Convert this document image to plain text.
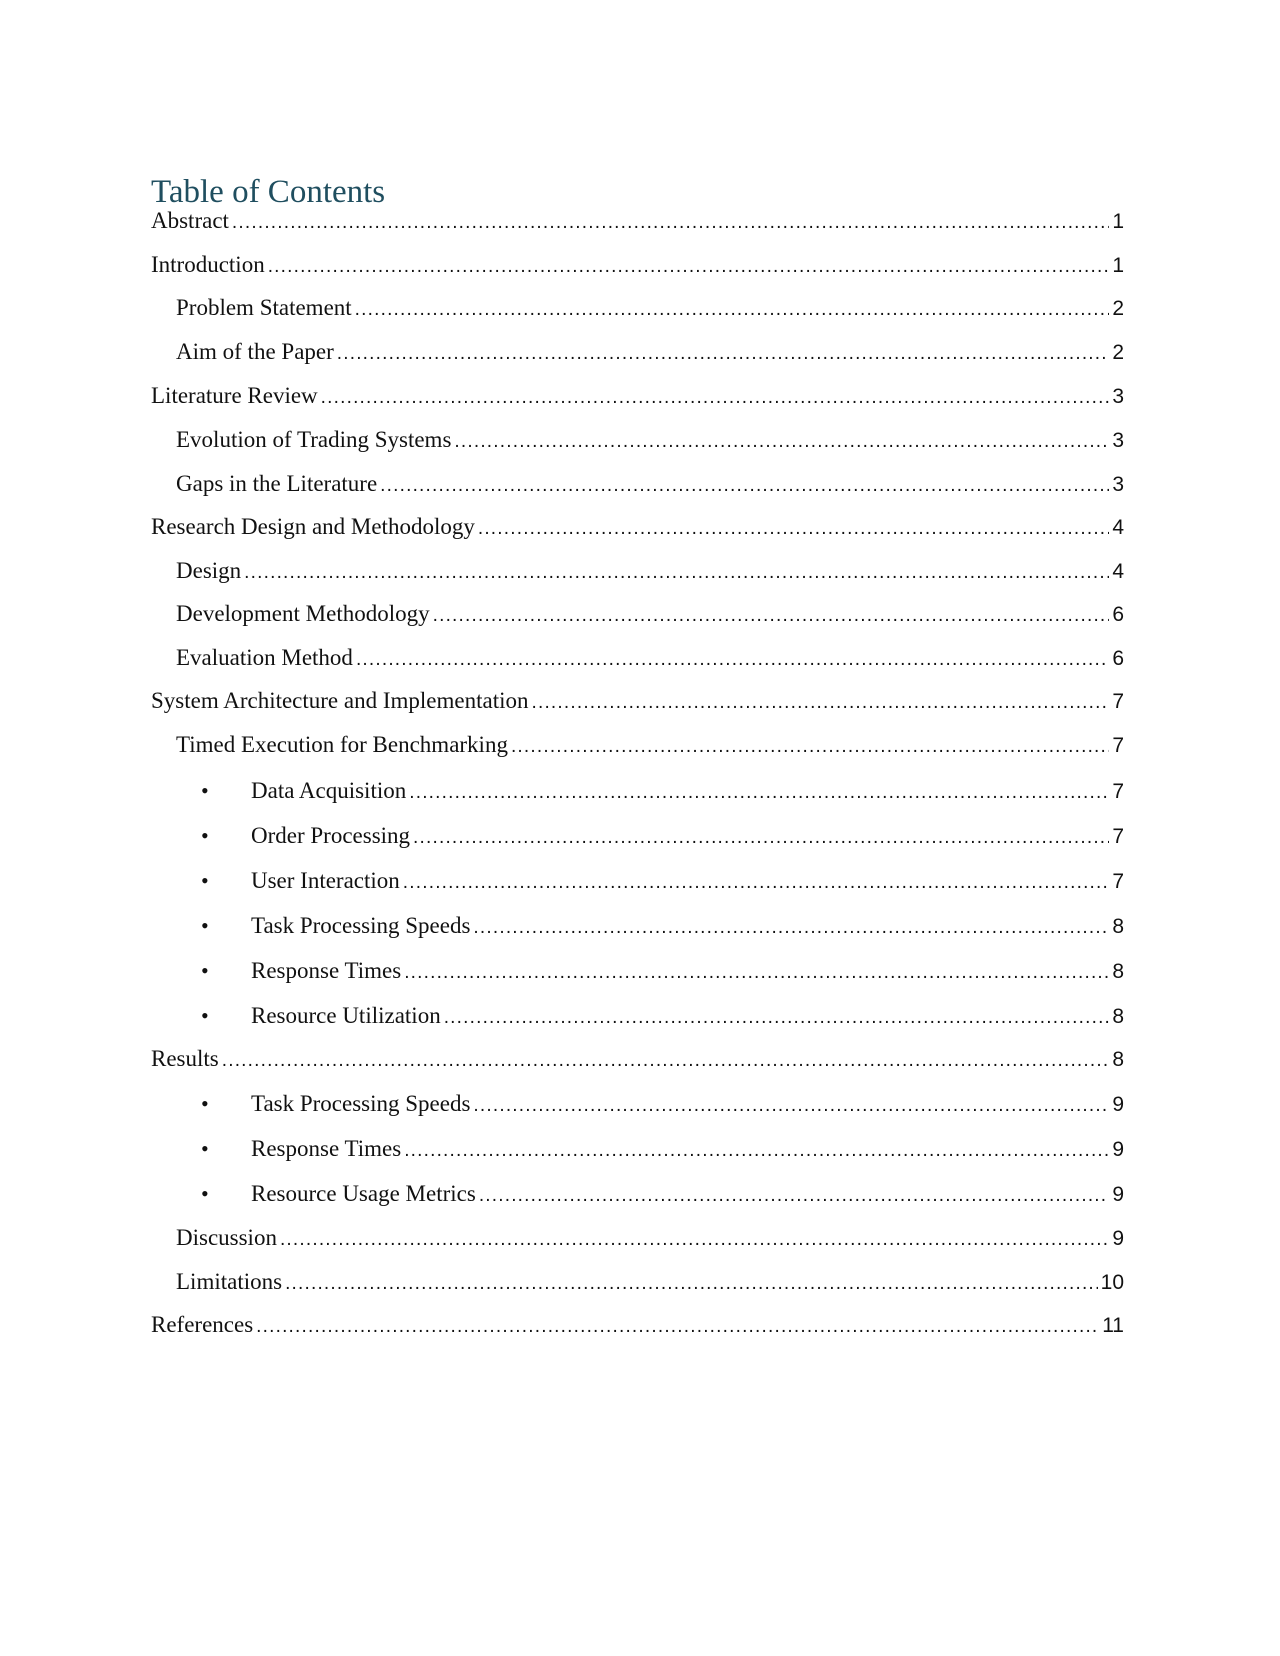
Table of Contents
Abstract .....	1
Introduction .....	1
Problem Statement .....	2
Aim of the Paper .....	2
Literature Review .....	3
Evolution of Trading Systems .....	3
Gaps in the Literature .....	3
Research Design and Methodology .....	4
Design .....	4
Development Methodology .....	6
Evaluation Method .....	6
System Architecture and Implementation .....	7
Timed Execution for Benchmarking .....	7
•	Data Acquisition .....	7
•	Order Processing .....	7
•	User Interaction .....	7
•	Task Processing Speeds .....	8
•	Response Times .....	8
•	Resource Utilization .....	8
Results .....	8
•	Task Processing Speeds .....	9
•	Response Times .....	9
•	Resource Usage Metrics .....	9
Discussion .....	9
Limitations .....	10
References .....	11
